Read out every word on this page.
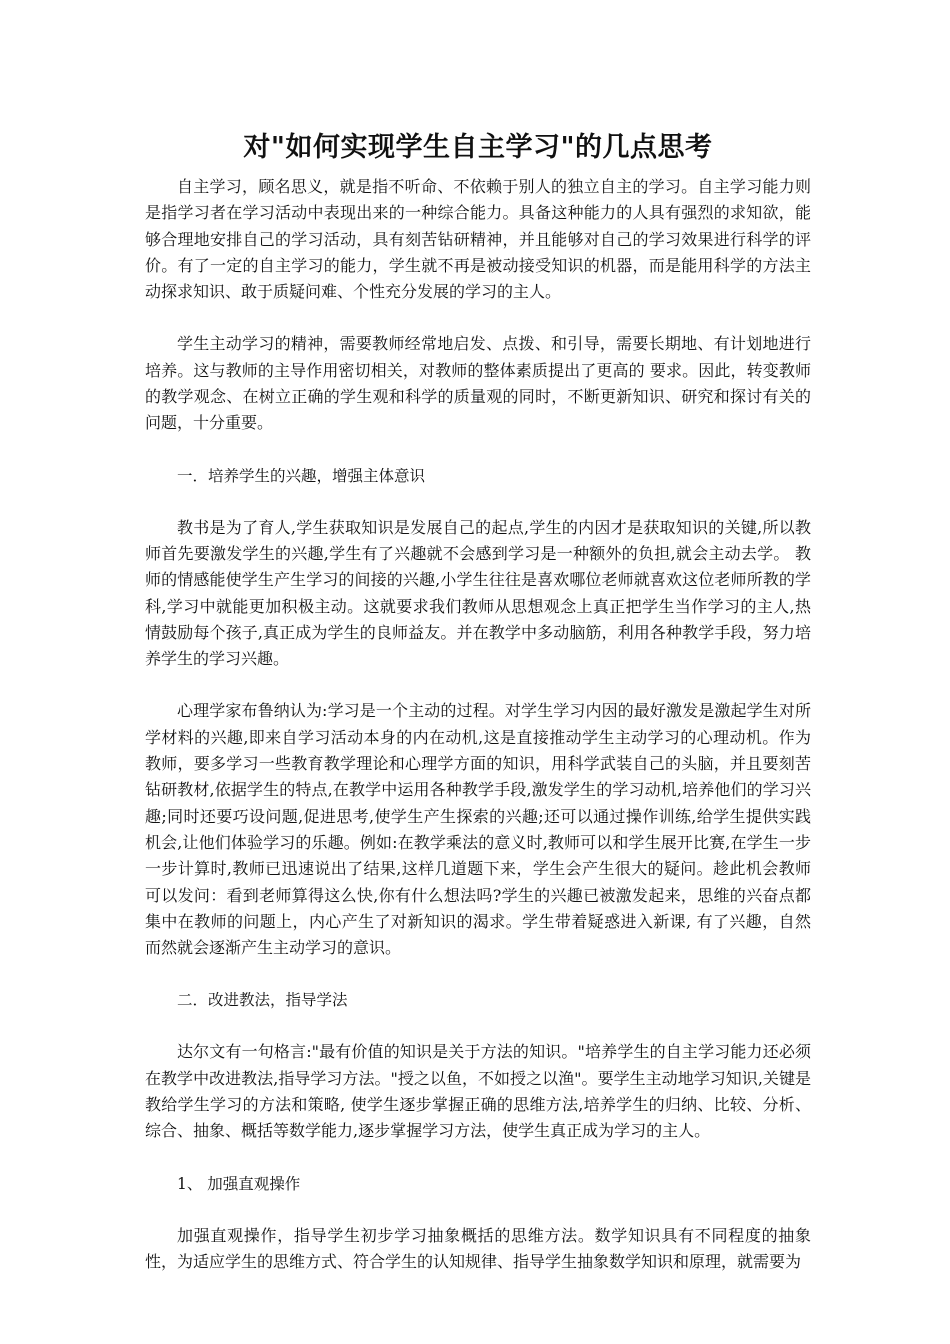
对"如何实现学生自主学习"的几点思考

自主学习，顾名思义，就是指不听命、不依赖于别人的独立自主的学习。自主学习能力则是指学习者在学习活动中表现出来的一种综合能力。具备这种能力的人具有强烈的求知欲，能够合理地安排自己的学习活动，具有刻苦钻研精神，并且能够对自己的学习效果进行科学的评价。有了一定的自主学习的能力，学生就不再是被动接受知识的机器，而是能用科学的方法主动探求知识、敢于质疑问难、个性充分发展的学习的主人。

学生主动学习的精神，需要教师经常地启发、点拨、和引导，需要长期地、有计划地进行培养。这与教师的主导作用密切相关，对教师的整体素质提出了更高的 要求。因此，转变教师的教学观念、在树立正确的学生观和科学的质量观的同时，不断更新知识、研究和探讨有关的问题，十分重要。

一．培养学生的兴趣，增强主体意识

教书是为了育人,学生获取知识是发展自己的起点,学生的内因才是获取知识的关键,所以教师首先要激发学生的兴趣,学生有了兴趣就不会感到学习是一种额外的负担,就会主动去学。 教师的情感能使学生产生学习的间接的兴趣,小学生往往是喜欢哪位老师就喜欢这位老师所教的学科,学习中就能更加积极主动。这就要求我们教师从思想观念上真正把学生当作学习的主人,热情鼓励每个孩子,真正成为学生的良师益友。并在教学中多动脑筋，利用各种教学手段，努力培养学生的学习兴趣。

心理学家布鲁纳认为:学习是一个主动的过程。对学生学习内因的最好激发是激起学生对所学材料的兴趣,即来自学习活动本身的内在动机,这是直接推动学生主动学习的心理动机。作为教师，要多学习一些教育教学理论和心理学方面的知识，用科学武装自己的头脑，并且要刻苦钻研教材,依据学生的特点,在教学中运用各种教学手段,激发学生的学习动机,培养他们的学习兴趣;同时还要巧设问题,促进思考,使学生产生探索的兴趣;还可以通过操作训练,给学生提供实践机会,让他们体验学习的乐趣。例如:在教学乘法的意义时,教师可以和学生展开比赛,在学生一步一步计算时,教师已迅速说出了结果,这样几道题下来，学生会产生很大的疑问。趁此机会教师可以发问：看到老师算得这么快,你有什么想法吗?学生的兴趣已被激发起来，思维的兴奋点都集中在教师的问题上，内心产生了对新知识的渴求。学生带着疑惑进入新课, 有了兴趣，自然而然就会逐渐产生主动学习的意识。

二．改进教法，指导学法

达尔文有一句格言:"最有价值的知识是关于方法的知识。"培养学生的自主学习能力还必须在教学中改进教法,指导学习方法。"授之以鱼，不如授之以渔"。要学生主动地学习知识,关键是教给学生学习的方法和策略, 使学生逐步掌握正确的思维方法,培养学生的归纳、比较、分析、综合、抽象、概括等数学能力,逐步掌握学习方法，使学生真正成为学习的主人。

1、 加强直观操作

加强直观操作，指导学生初步学习抽象概括的思维方法。数学知识具有不同程度的抽象性，为适应学生的思维方式、符合学生的认知规律、指导学生抽象数学知识和原理，就需要为
